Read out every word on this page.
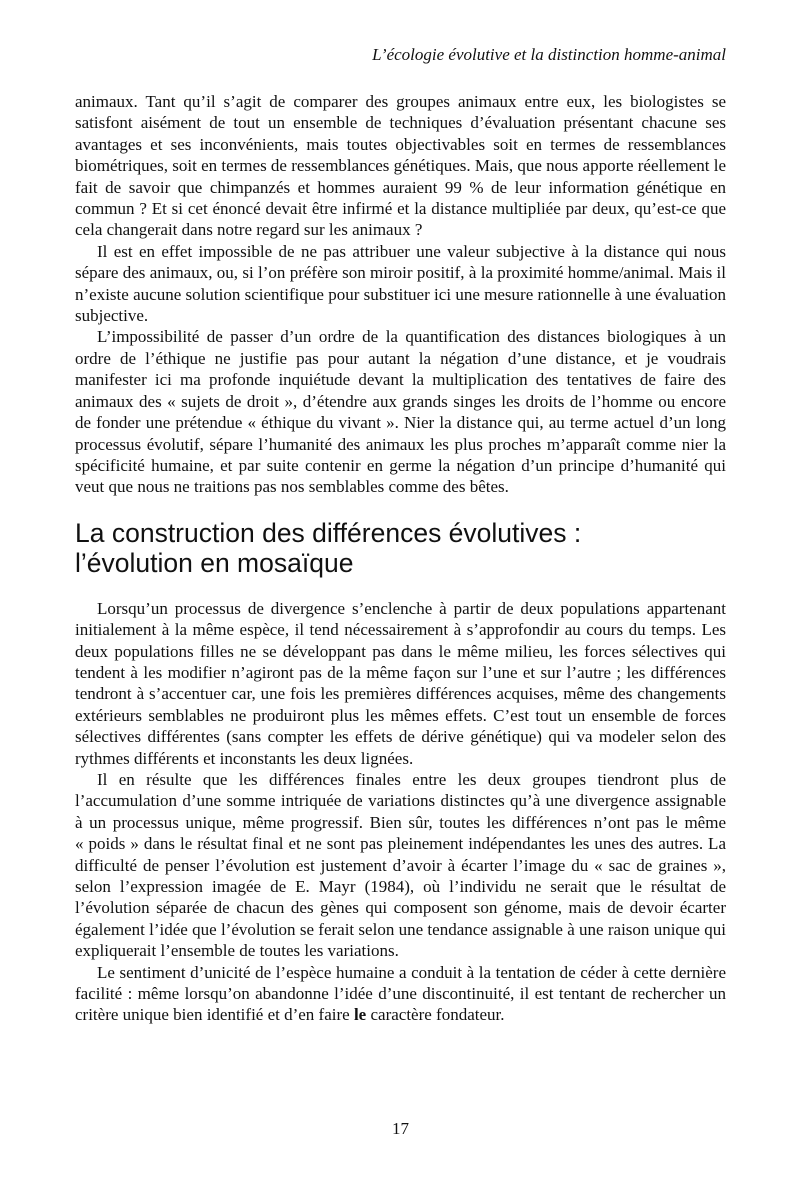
L’écologie évolutive et la distinction homme-animal

animaux. Tant qu’il s’agit de comparer des groupes animaux entre eux, les biologistes se satisfont aisément de tout un ensemble de techniques d’évaluation présentant chacune ses avantages et ses inconvénients, mais toutes objectivables soit en termes de ressemblances biométriques, soit en termes de ressemblances génétiques. Mais, que nous apporte réellement le fait de savoir que chimpanzés et hommes auraient 99 % de leur information génétique en commun ? Et si cet énoncé devait être infirmé et la distance multipliée par deux, qu’est-ce que cela changerait dans notre regard sur les animaux ?

Il est en effet impossible de ne pas attribuer une valeur subjective à la distance qui nous sépare des animaux, ou, si l’on préfère son miroir positif, à la proximité homme/animal. Mais il n’existe aucune solution scientifique pour substituer ici une mesure rationnelle à une évaluation subjective.

L’impossibilité de passer d’un ordre de la quantification des distances biologiques à un ordre de l’éthique ne justifie pas pour autant la négation d’une distance, et je voudrais manifester ici ma profonde inquiétude devant la multiplication des tentatives de faire des animaux des « sujets de droit », d’étendre aux grands singes les droits de l’homme ou encore de fonder une prétendue « éthique du vivant ». Nier la distance qui, au terme actuel d’un long processus évolutif, sépare l’humanité des animaux les plus proches m’apparaît comme nier la spécificité humaine, et par suite contenir en germe la négation d’un principe d’humanité qui veut que nous ne traitions pas nos semblables comme des bêtes.

La construction des différences évolutives :
l’évolution en mosaïque

Lorsqu’un processus de divergence s’enclenche à partir de deux populations appartenant initialement à la même espèce, il tend nécessairement à s’approfondir au cours du temps. Les deux populations filles ne se développant pas dans le même milieu, les forces sélectives qui tendent à les modifier n’agiront pas de la même façon sur l’une et sur l’autre ; les différences tendront à s’accentuer car, une fois les premières différences acquises, même des changements extérieurs semblables ne produiront plus les mêmes effets. C’est tout un ensemble de forces sélectives différentes (sans compter les effets de dérive génétique) qui va modeler selon des rythmes différents et inconstants les deux lignées.

Il en résulte que les différences finales entre les deux groupes tiendront plus de l’accumulation d’une somme intriquée de variations distinctes qu’à une divergence assignable à un processus unique, même progressif. Bien sûr, toutes les différences n’ont pas le même « poids » dans le résultat final et ne sont pas pleinement indépendantes les unes des autres. La difficulté de penser l’évolution est justement d’avoir à écarter l’image du « sac de graines », selon l’expression imagée de E. Mayr (1984), où l’individu ne serait que le résultat de l’évolution séparée de chacun des gènes qui composent son génome, mais de devoir écarter également l’idée que l’évolution se ferait selon une tendance assignable à une raison unique qui expliquerait l’ensemble de toutes les variations.

Le sentiment d’unicité de l’espèce humaine a conduit à la tentation de céder à cette dernière facilité : même lorsqu’on abandonne l’idée d’une discontinuité, il est tentant de rechercher un critère unique bien identifié et d’en faire le caractère fondateur.

17
